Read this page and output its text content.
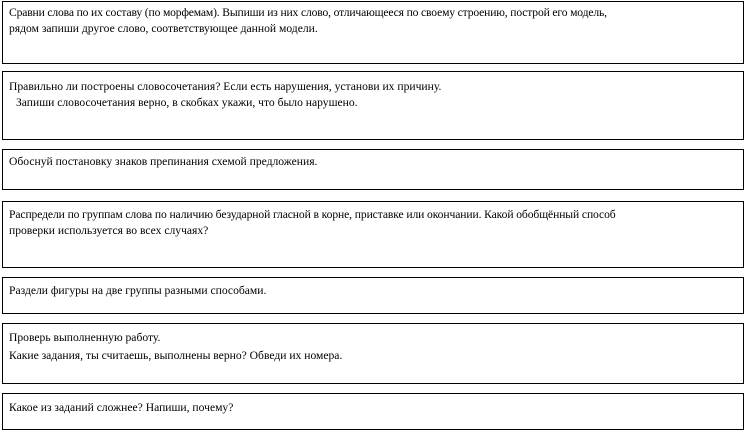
Сравни слова по их составу (по морфемам). Выпиши из них слово, отличающееся по своему строению, построй его модель,
рядом запиши другое слово, соответствующее данной модели.
Правильно ли построены словосочетания? Если есть нарушения, установи их причину.
Запиши словосочетания верно, в скобках укажи, что было нарушено.
Обоснуй постановку знаков препинания схемой предложения.
Распредели по группам слова по наличию безударной гласной в корне, приставке или окончании. Какой обобщённый способ
проверки используется во всех случаях?
Раздели фигуры на две группы разными способами.
Проверь выполненную работу.
Какие задания, ты считаешь, выполнены верно? Обведи их номера.
Какое из заданий сложнее? Напиши, почему?
